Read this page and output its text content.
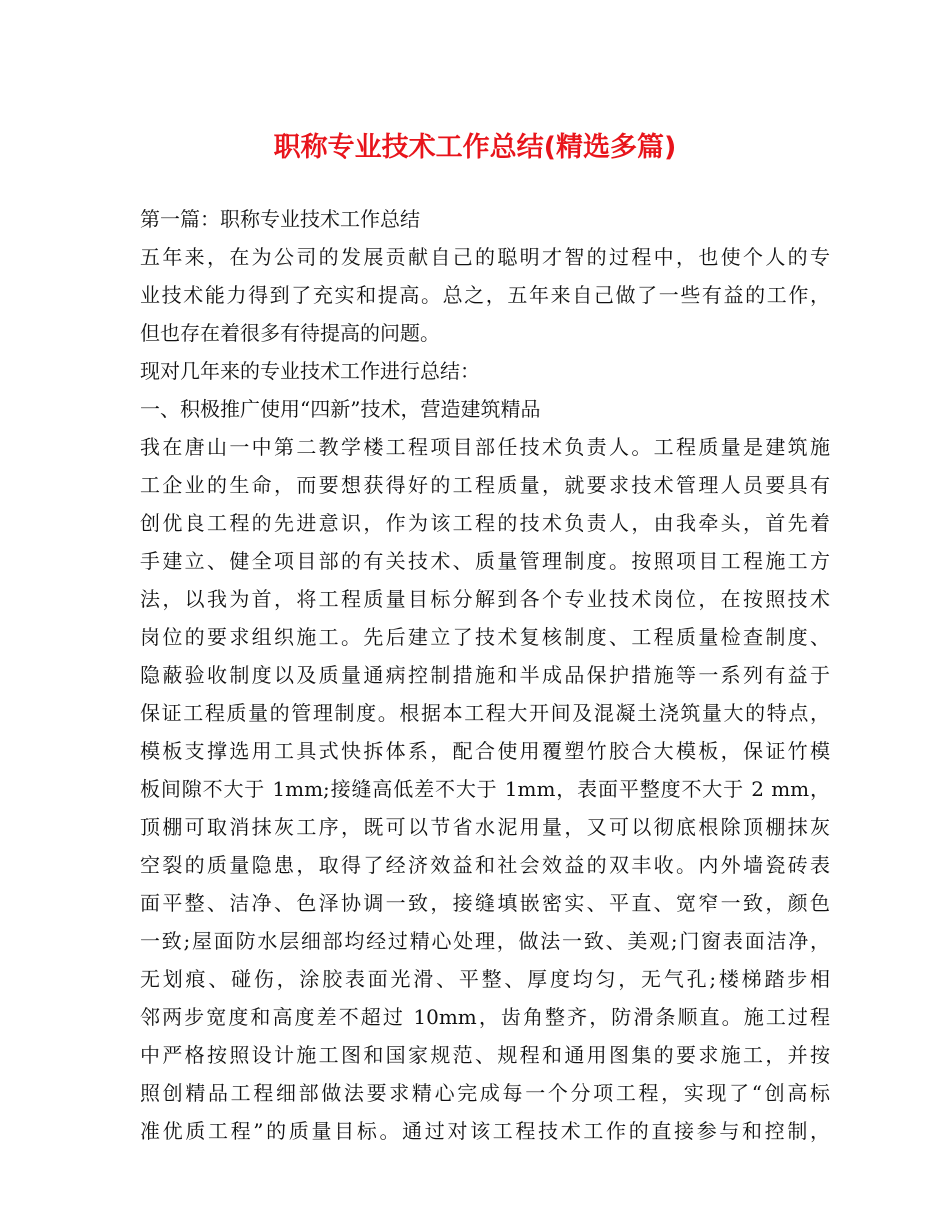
职称专业技术工作总结(精选多篇)
第一篇：职称专业技术工作总结
五年来，在为公司的发展贡献自己的聪明才智的过程中，也使个人的专
业技术能力得到了充实和提高。总之，五年来自己做了一些有益的工作，
但也存在着很多有待提高的问题。
现对几年来的专业技术工作进行总结：
一、积极推广使用“四新”技术，营造建筑精品
我在唐山一中第二教学楼工程项目部任技术负责人。工程质量是建筑施
工企业的生命，而要想获得好的工程质量，就要求技术管理人员要具有
创优良工程的先进意识，作为该工程的技术负责人，由我牵头，首先着
手建立、健全项目部的有关技术、质量管理制度。按照项目工程施工方
法，以我为首，将工程质量目标分解到各个专业技术岗位，在按照技术
岗位的要求组织施工。先后建立了技术复核制度、工程质量检查制度、
隐蔽验收制度以及质量通病控制措施和半成品保护措施等一系列有益于
保证工程质量的管理制度。根据本工程大开间及混凝土浇筑量大的特点，
模板支撑选用工具式快拆体系，配合使用覆塑竹胶合大模板，保证竹模
板间隙不大于 1mm;接缝高低差不大于 1mm，表面平整度不大于 2 mm，
顶棚可取消抹灰工序，既可以节省水泥用量，又可以彻底根除顶棚抹灰
空裂的质量隐患，取得了经济效益和社会效益的双丰收。内外墙瓷砖表
面平整、洁净、色泽协调一致，接缝填嵌密实、平直、宽窄一致，颜色
一致;屋面防水层细部均经过精心处理，做法一致、美观;门窗表面洁净，
无划痕、碰伤，涂胶表面光滑、平整、厚度均匀，无气孔;楼梯踏步相
邻两步宽度和高度差不超过 10mm，齿角整齐，防滑条顺直。施工过程
中严格按照设计施工图和国家规范、规程和通用图集的要求施工，并按
照创精品工程细部做法要求精心完成每一个分项工程，实现了“创高标
准优质工程”的质量目标。通过对该工程技术工作的直接参与和控制，
